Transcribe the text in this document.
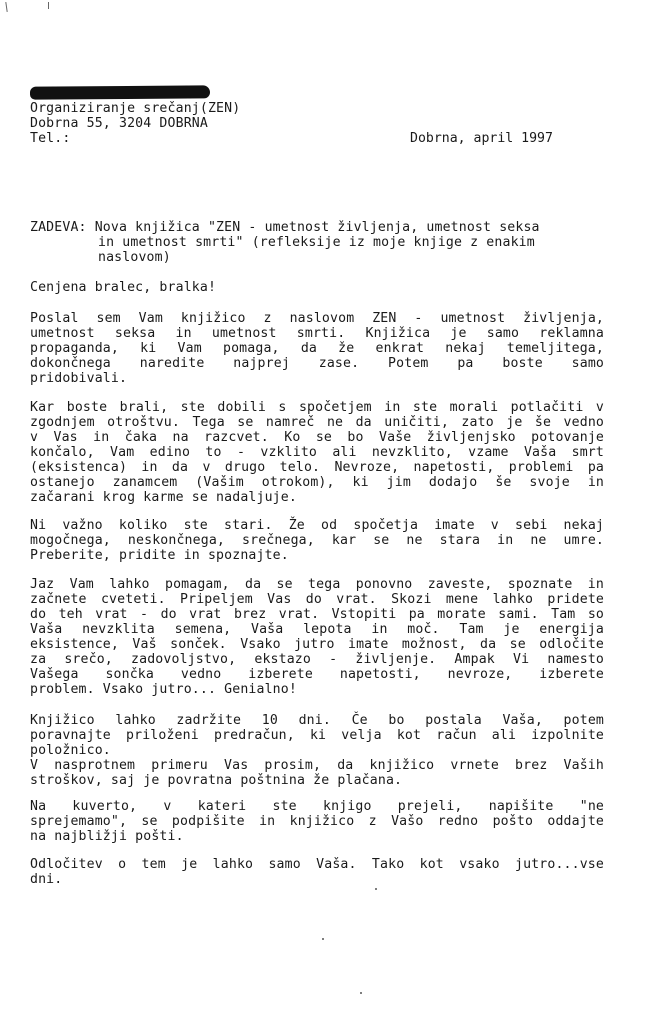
Organiziranje srečanj(ZEN)
Dobrna 55, 3204 DOBRNA
Tel.:	Dobrna, april 1997
ZADEVA: Nova knjižica "ZEN - umetnost življenja, umetnost seksa
in umetnost smrti" (refleksije iz moje knjige z enakim
naslovom)
Cenjena bralec, bralka!
Poslal sem Vam knjižico z naslovom ZEN - umetnost življenja,
umetnost seksa in umetnost smrti. Knjižica je samo reklamna
propaganda, ki Vam pomaga, da že enkrat nekaj temeljitega,
dokončnega naredite najprej zase. Potem pa boste samo
pridobivali.
Kar boste brali, ste dobili s spočetjem in ste morali potlačiti v
zgodnjem otroštvu. Tega se namreč ne da uničiti, zato je še vedno
v Vas in čaka na razcvet. Ko se bo Vaše življenjsko potovanje
končalo, Vam edino to - vzklito ali nevzklito, vzame Vaša smrt
(eksistenca) in da v drugo telo. Nevroze, napetosti, problemi pa
ostanejo zanamcem (Vašim otrokom), ki jim dodajo še svoje in
začarani krog karme se nadaljuje.
Ni važno koliko ste stari. Že od spočetja imate v sebi nekaj
mogočnega, neskončnega, srečnega, kar se ne stara in ne umre.
Preberite, pridite in spoznajte.
Jaz Vam lahko pomagam, da se tega ponovno zaveste, spoznate in
začnete cveteti. Pripeljem Vas do vrat. Skozi mene lahko pridete
do teh vrat - do vrat brez vrat. Vstopiti pa morate sami. Tam so
Vaša nevzklita semena, Vaša lepota in moč. Tam je energija
eksistence, Vaš sonček. Vsako jutro imate možnost, da se odločite
za srečo, zadovoljstvo, ekstazo - življenje. Ampak Vi namesto
Vašega sončka vedno izberete napetosti, nevroze, izberete
problem. Vsako jutro... Genialno!
Knjižico lahko zadržite 10 dni. Če bo postala Vaša, potem
poravnajte priloženi predračun, ki velja kot račun ali izpolnite
položnico.
V nasprotnem primeru Vas prosim, da knjižico vrnete brez Vaših
stroškov, saj je povratna poštnina že plačana.
Na kuverto, v kateri ste knjigo prejeli, napišite "ne
sprejemamo", se podpišite in knjižico z Vašo redno pošto oddajte
na najbližji pošti.
Odločitev o tem je lahko samo Vaša. Tako kot vsako jutro...vse
dni.
